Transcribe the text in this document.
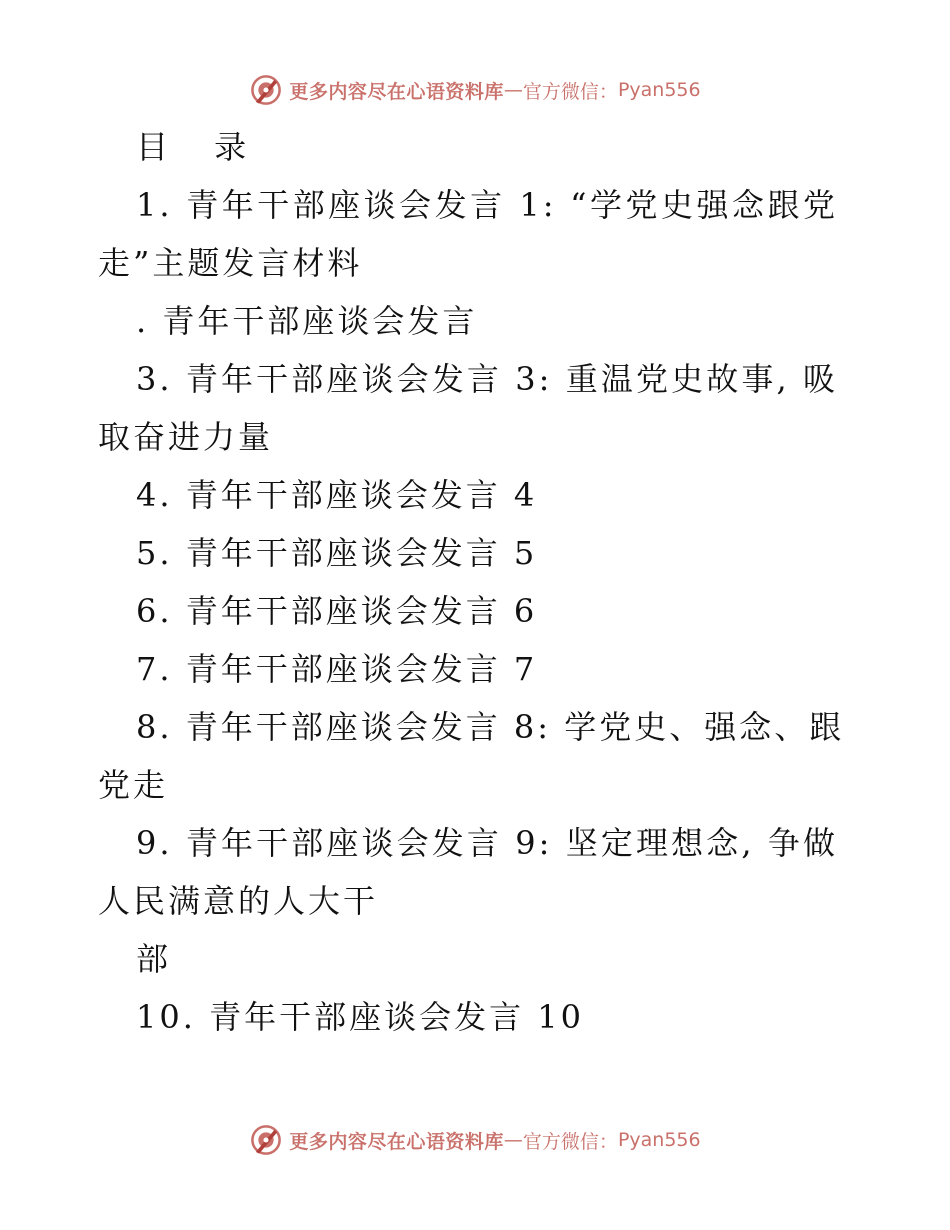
更多内容尽在心语资料库 — 官方微信： Pyan556
目 录
1. 青年干部座谈会发言 1: “学党史强念跟党
走”主题发言材料
. 青年干部座谈会发言
3. 青年干部座谈会发言 3: 重温党史故事, 吸
取奋进力量
4. 青年干部座谈会发言 4
5. 青年干部座谈会发言 5
6. 青年干部座谈会发言 6
7. 青年干部座谈会发言 7
8. 青年干部座谈会发言 8: 学党史、强念、跟
党走
9. 青年干部座谈会发言 9: 坚定理想念, 争做
人民满意的人大干
部
10. 青年干部座谈会发言 10
更多内容尽在心语资料库 — 官方微信： Pyan556
